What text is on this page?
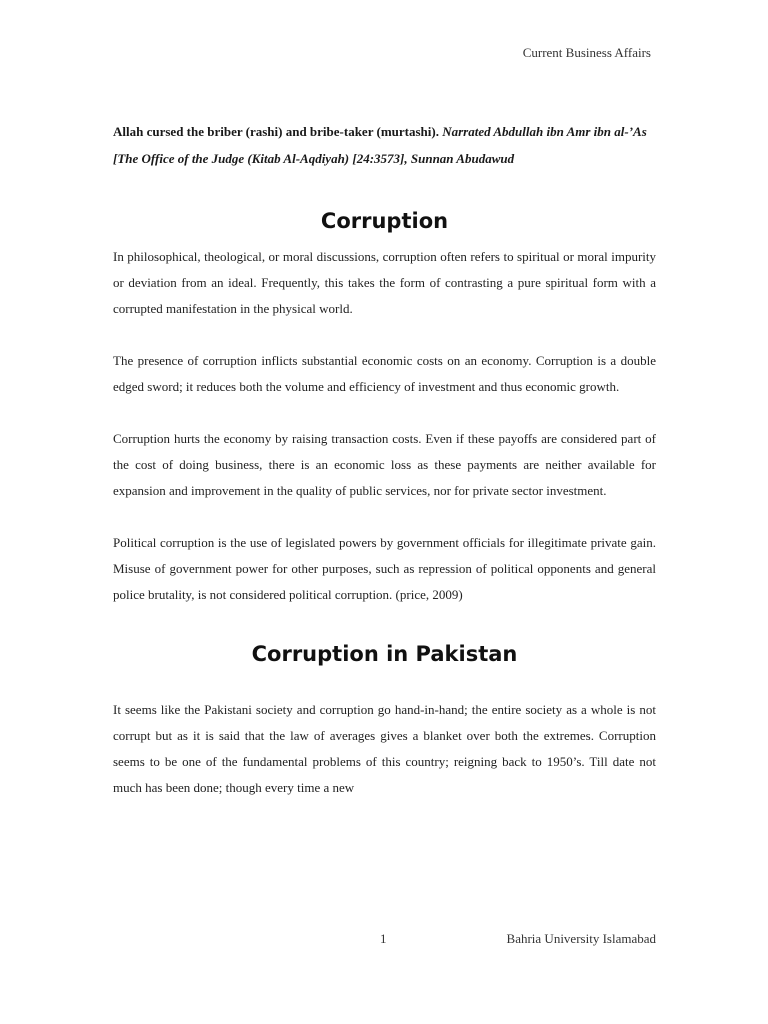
Current Business Affairs

Allah cursed the briber (rashi) and bribe-taker (murtashi). Narrated Abdullah ibn Amr ibn al-’As [The Office of the Judge (Kitab Al-Aqdiyah) [24:3573], Sunnan Abudawud

Corruption

In philosophical, theological, or moral discussions, corruption often refers to spiritual or moral impurity or deviation from an ideal. Frequently, this takes the form of contrasting a pure spiritual form with a corrupted manifestation in the physical world.

The presence of corruption inflicts substantial economic costs on an economy. Corruption is a double edged sword; it reduces both the volume and efficiency of investment and thus economic growth.

Corruption hurts the economy by raising transaction costs. Even if these payoffs are considered part of the cost of doing business, there is an economic loss as these payments are neither available for expansion and improvement in the quality of public services, nor for private sector investment.

Political corruption is the use of legislated powers by government officials for illegitimate private gain. Misuse of government power for other purposes, such as repression of political opponents and general police brutality, is not considered political corruption. (price, 2009)

Corruption in Pakistan

It seems like the Pakistani society and corruption go hand-in-hand; the entire society as a whole is not corrupt but as it is said that the law of averages gives a blanket over both the extremes. Corruption seems to be one of the fundamental problems of this country; reigning back to 1950’s. Till date not much has been done; though every time a new

1	Bahria University Islamabad
